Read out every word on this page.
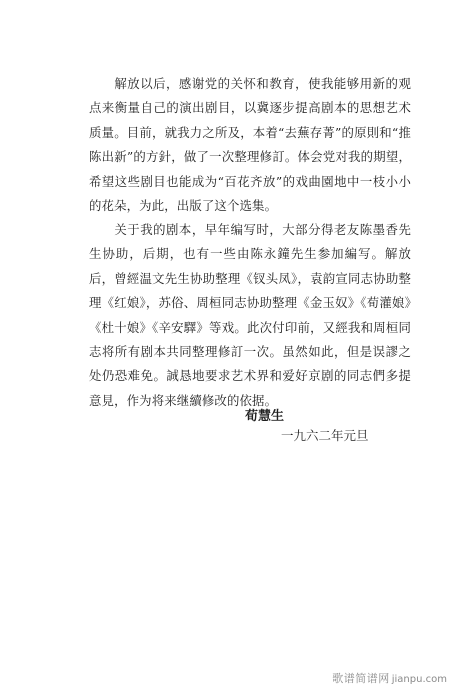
解放以后，感谢党的关怀和教育，使我能够用新的观点来衡量自己的演出剧目，以冀逐步提高剧本的思想艺术质量。目前，就我力之所及，本着“去蕪存菁”的原則和“推陈出新”的方針，做了一次整理修訂。体会党对我的期望，希望这些剧目也能成为“百花齐放”的戏曲園地中一枝小小的花朵，为此，出版了这个选集。

关于我的剧本，早年编写时，大部分得老友陈墨香先生协助，后期，也有一些由陈永鐘先生参加編写。解放后，曾經温文先生协助整理《钗头凤》，袁韵宣同志协助整理《红娘》，苏俗、周桓同志协助整理《金玉奴》《荀灌娘》《杜十娘》《辛安驛》等戏。此次付印前，又經我和周桓同志将所有剧本共同整理修訂一次。虽然如此，但是误謬之处仍恐难免。誠恳地要求艺术界和爱好京剧的同志們多提意見，作为将来继續修改的依据。

荀慧生

一九六二年元旦

歌谱简谱网 jianpu.com
